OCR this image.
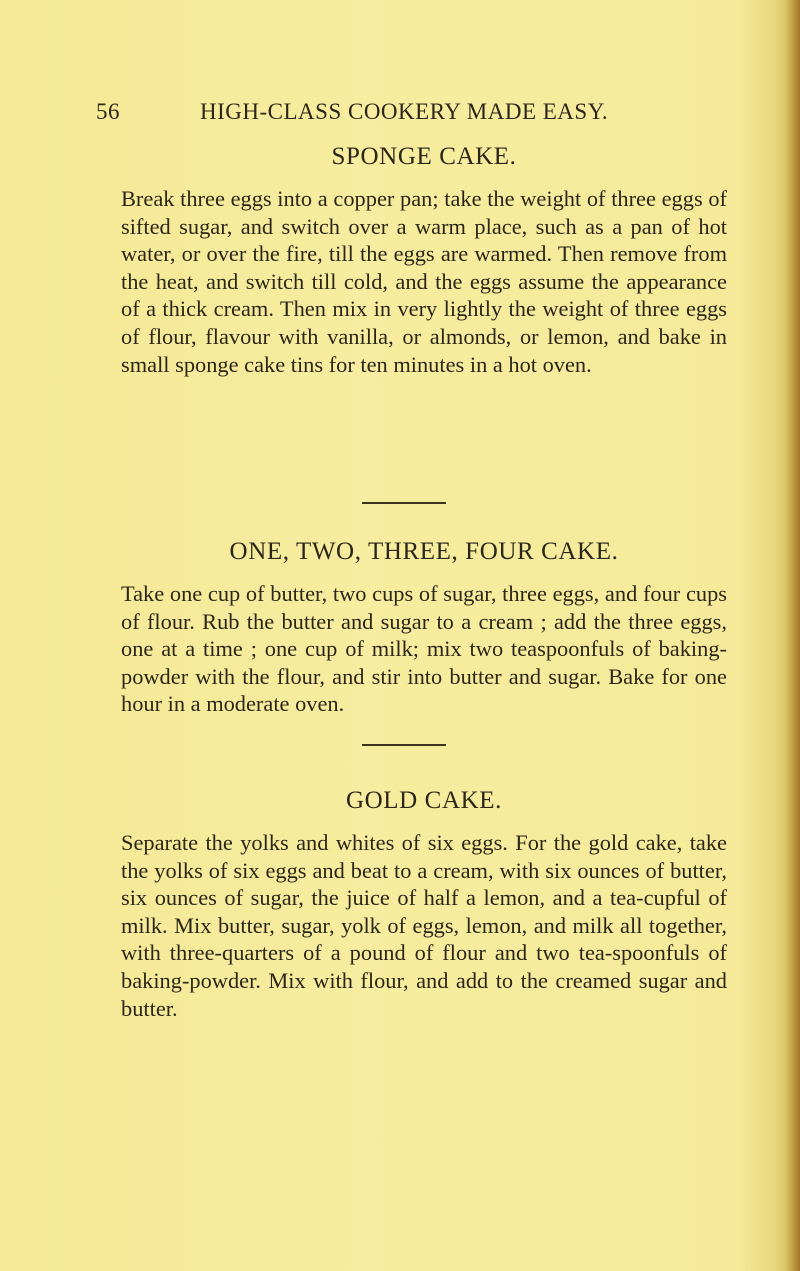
56	HIGH-CLASS COOKERY MADE EASY.
SPONGE CAKE.

Break three eggs into a copper pan; take the weight of three eggs of sifted sugar, and switch over a warm place, such as a pan of hot water, or over the fire, till the eggs are warmed. Then remove from the heat, and switch till cold, and the eggs assume the appearance of a thick cream. Then mix in very lightly the weight of three eggs of flour, flavour with vanilla, or almonds, or lemon, and bake in small sponge cake tins for ten minutes in a hot oven.

ONE, TWO, THREE, FOUR CAKE.

Take one cup of butter, two cups of sugar, three eggs, and four cups of flour. Rub the butter and sugar to a cream ; add the three eggs, one at a time ; one cup of milk; mix two teaspoonfuls of baking-powder with the flour, and stir into butter and sugar. Bake for one hour in a moderate oven.

GOLD CAKE.

Separate the yolks and whites of six eggs. For the gold cake, take the yolks of six eggs and beat to a cream, with six ounces of butter, six ounces of sugar, the juice of half a lemon, and a tea-cupful of milk. Mix butter, sugar, yolk of eggs, lemon, and milk all together, with three-quarters of a pound of flour and two tea-spoonfuls of baking-powder. Mix with flour, and add to the creamed sugar and butter.
